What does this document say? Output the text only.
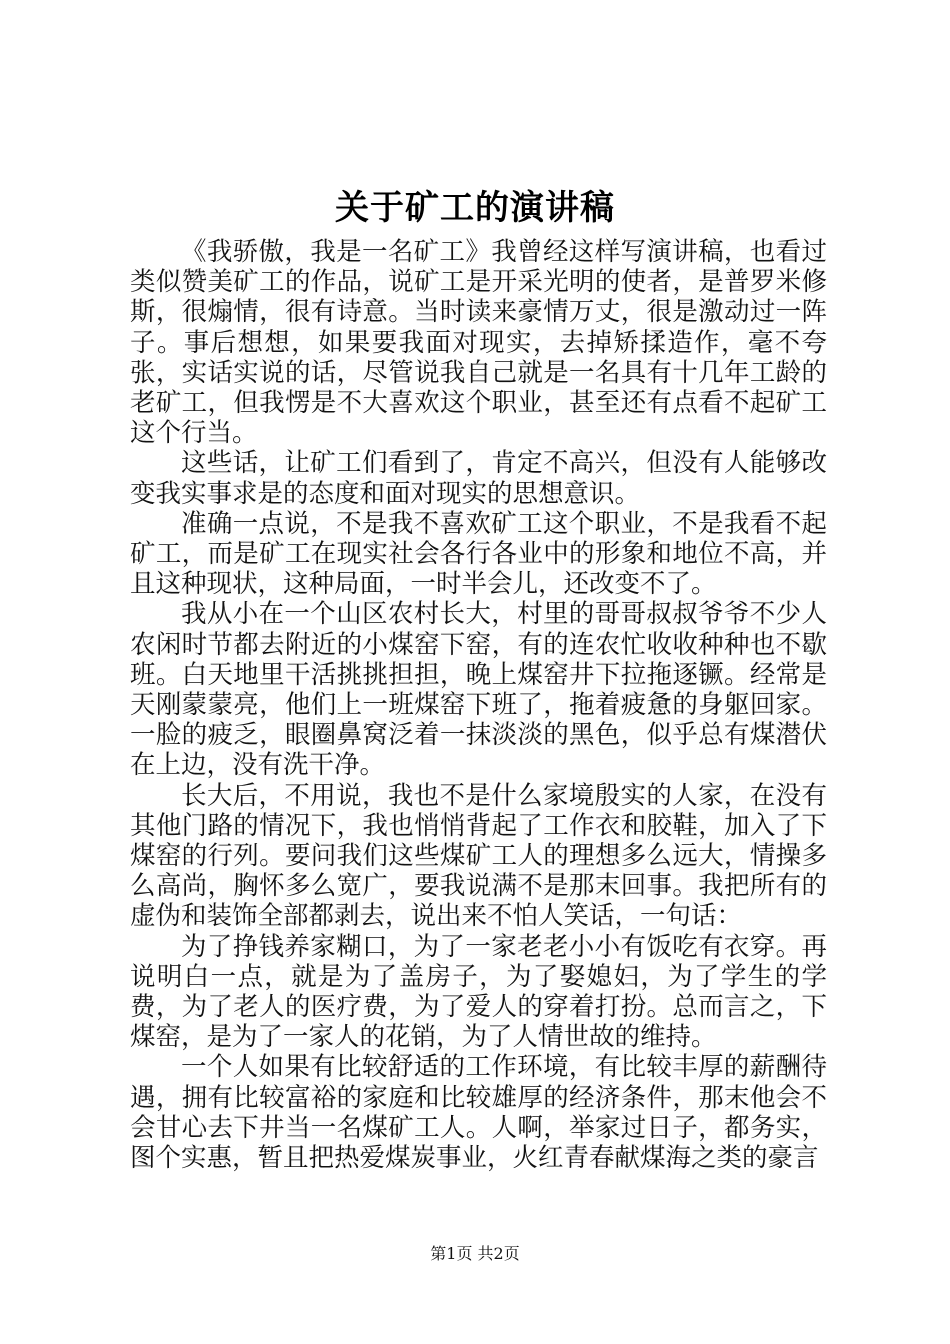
关于矿工的演讲稿

《我骄傲，我是一名矿工》我曾经这样写演讲稿，也看过类似赞美矿工的作品，说矿工是开采光明的使者，是普罗米修斯，很煽情，很有诗意。当时读来豪情万丈，很是激动过一阵子。事后想想，如果要我面对现实，去掉矫揉造作，毫不夸张，实话实说的话，尽管说我自己就是一名具有十几年工龄的老矿工，但我愣是不大喜欢这个职业，甚至还有点看不起矿工这个行当。

这些话，让矿工们看到了，肯定不高兴，但没有人能够改变我实事求是的态度和面对现实的思想意识。

准确一点说，不是我不喜欢矿工这个职业，不是我看不起矿工，而是矿工在现实社会各行各业中的形象和地位不高，并且这种现状，这种局面，一时半会儿，还改变不了。

我从小在一个山区农村长大，村里的哥哥叔叔爷爷不少人农闲时节都去附近的小煤窑下窑，有的连农忙收收种种也不歇班。白天地里干活挑挑担担，晚上煤窑井下拉拖逐镢。经常是天刚蒙蒙亮，他们上一班煤窑下班了，拖着疲惫的身躯回家。一脸的疲乏，眼圈鼻窝泛着一抹淡淡的黑色，似乎总有煤潜伏在上边，没有洗干净。

长大后，不用说，我也不是什么家境殷实的人家，在没有其他门路的情况下，我也悄悄背起了工作衣和胶鞋，加入了下煤窑的行列。要问我们这些煤矿工人的理想多么远大，情操多么高尚，胸怀多么宽广，要我说满不是那末回事。我把所有的虚伪和装饰全部都剥去，说出来不怕人笑话，一句话：

为了挣钱养家糊口，为了一家老老小小有饭吃有衣穿。再说明白一点，就是为了盖房子，为了娶媳妇，为了学生的学费，为了老人的医疗费，为了爱人的穿着打扮。总而言之，下煤窑，是为了一家人的花销，为了人情世故的维持。

一个人如果有比较舒适的工作环境，有比较丰厚的薪酬待遇，拥有比较富裕的家庭和比较雄厚的经济条件，那末他会不会甘心去下井当一名煤矿工人。人啊，举家过日子，都务实，图个实惠，暂且把热爱煤炭事业，火红青春献煤海之类的豪言

第1页 共2页
